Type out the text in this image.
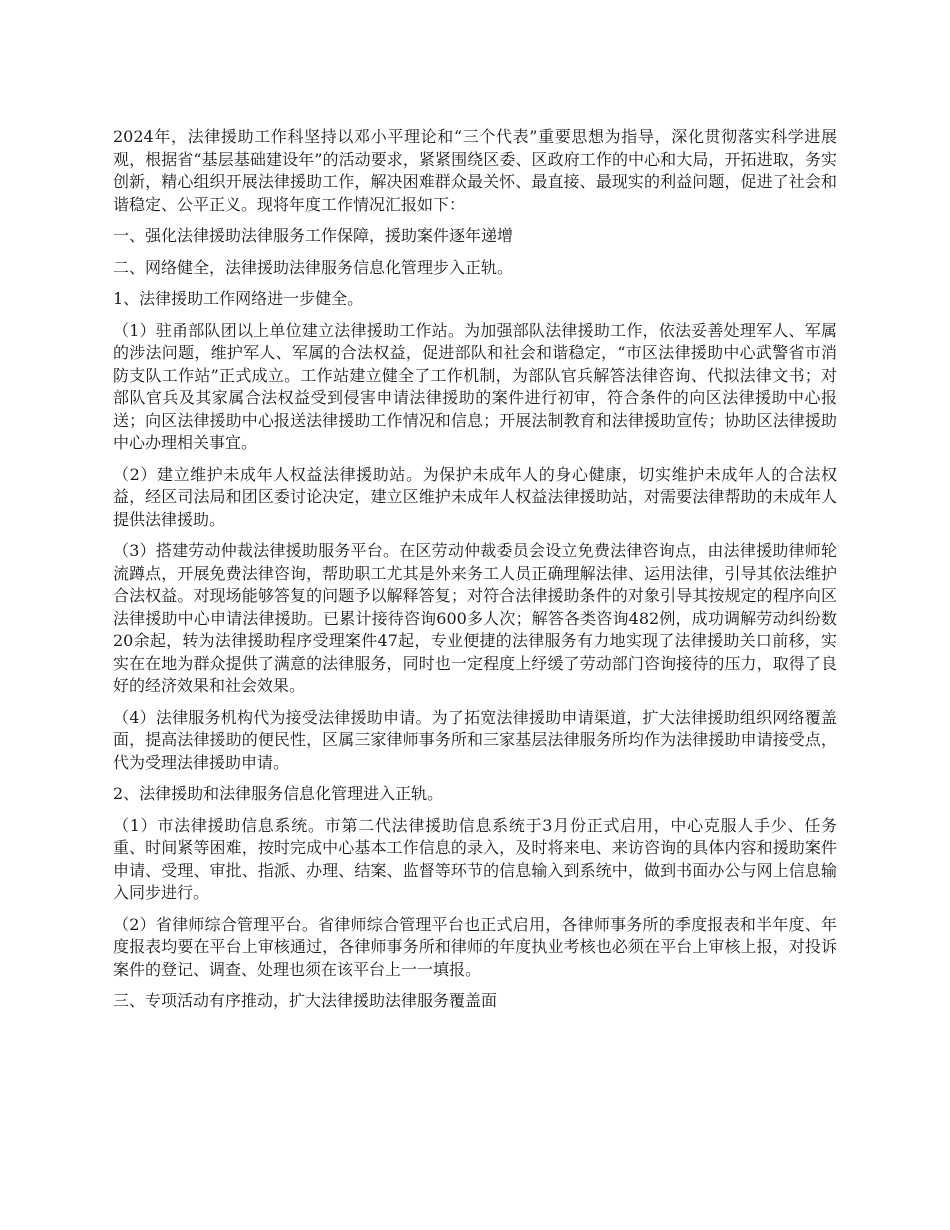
2024年，法律援助工作科坚持以邓小平理论和“三个代表”重要思想为指导，深化贯彻落实科学进展观，根据省“基层基础建设年”的活动要求，紧紧围绕区委、区政府工作的中心和大局，开拓进取，务实创新，精心组织开展法律援助工作，解决困难群众最关怀、最直接、最现实的利益问题，促进了社会和谐稳定、公平正义。现将年度工作情况汇报如下：

一、强化法律援助法律服务工作保障，援助案件逐年递增

二、网络健全，法律援助法律服务信息化管理步入正轨。

1、法律援助工作网络进一步健全。

（1）驻甬部队团以上单位建立法律援助工作站。为加强部队法律援助工作，依法妥善处理军人、军属的涉法问题，维护军人、军属的合法权益，促进部队和社会和谐稳定，“市区法律援助中心武警省市消防支队工作站”正式成立。工作站建立健全了工作机制，为部队官兵解答法律咨询、代拟法律文书；对部队官兵及其家属合法权益受到侵害申请法律援助的案件进行初审，符合条件的向区法律援助中心报送；向区法律援助中心报送法律援助工作情况和信息；开展法制教育和法律援助宣传；协助区法律援助中心办理相关事宜。

（2）建立维护未成年人权益法律援助站。为保护未成年人的身心健康，切实维护未成年人的合法权益，经区司法局和团区委讨论决定，建立区维护未成年人权益法律援助站，对需要法律帮助的未成年人提供法律援助。

（3）搭建劳动仲裁法律援助服务平台。在区劳动仲裁委员会设立免费法律咨询点，由法律援助律师轮流蹲点，开展免费法律咨询，帮助职工尤其是外来务工人员正确理解法律、运用法律，引导其依法维护合法权益。对现场能够答复的问题予以解释答复；对符合法律援助条件的对象引导其按规定的程序向区法律援助中心申请法律援助。已累计接待咨询600多人次；解答各类咨询482例，成功调解劳动纠纷数20余起，转为法律援助程序受理案件47起，专业便捷的法律服务有力地实现了法律援助关口前移，实实在在地为群众提供了满意的法律服务，同时也一定程度上纾缓了劳动部门咨询接待的压力，取得了良好的经济效果和社会效果。

（4）法律服务机构代为接受法律援助申请。为了拓宽法律援助申请渠道，扩大法律援助组织网络覆盖面，提高法律援助的便民性，区属三家律师事务所和三家基层法律服务所均作为法律援助申请接受点，代为受理法律援助申请。

2、法律援助和法律服务信息化管理进入正轨。

（1）市法律援助信息系统。市第二代法律援助信息系统于3月份正式启用，中心克服人手少、任务重、时间紧等困难，按时完成中心基本工作信息的录入，及时将来电、来访咨询的具体内容和援助案件申请、受理、审批、指派、办理、结案、监督等环节的信息输入到系统中，做到书面办公与网上信息输入同步进行。

（2）省律师综合管理平台。省律师综合管理平台也正式启用，各律师事务所的季度报表和半年度、年度报表均要在平台上审核通过，各律师事务所和律师的年度执业考核也必须在平台上审核上报，对投诉案件的登记、调查、处理也须在该平台上一一填报。

三、专项活动有序推动，扩大法律援助法律服务覆盖面
